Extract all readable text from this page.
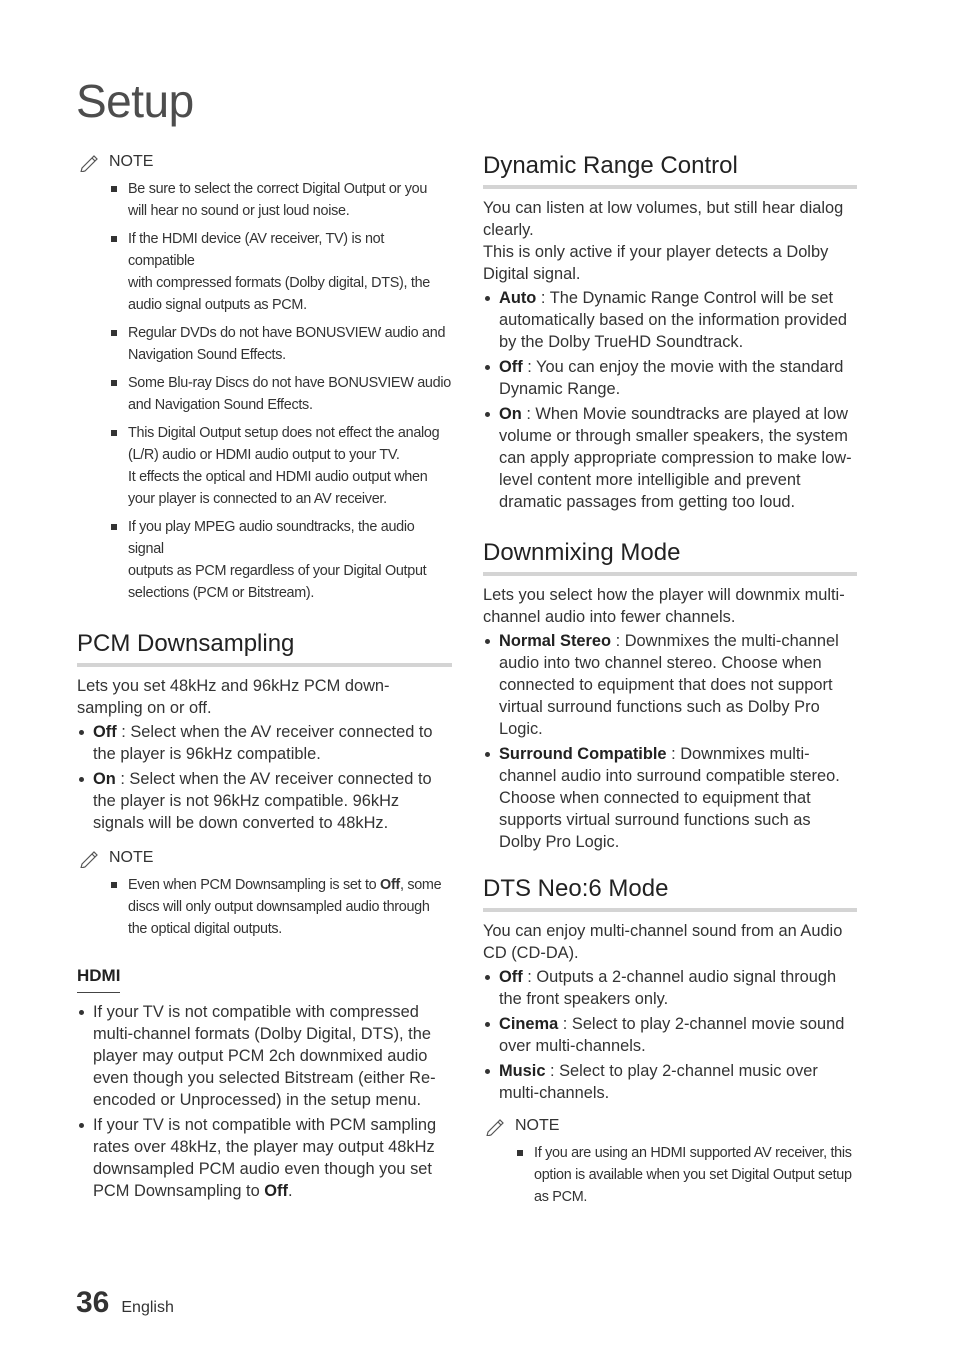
Setup
NOTE
Be sure to select the correct Digital Output or you
will hear no sound or just loud noise.
If the HDMI device (AV receiver, TV) is not compatible
with compressed formats (Dolby digital, DTS), the
audio signal outputs as PCM.
Regular DVDs do not have BONUSVIEW audio and
Navigation Sound Effects.
Some Blu-ray Discs do not have BONUSVIEW audio
and Navigation Sound Effects.
This Digital Output setup does not effect the analog
(L/R) audio or HDMI audio output to your TV.
It effects the optical and HDMI audio output when
your player is connected to an AV receiver.
If you play MPEG audio soundtracks, the audio signal
outputs as PCM regardless of your Digital Output
selections (PCM or Bitstream).
PCM Downsampling

Lets you set 48kHz and 96kHz PCM down-
sampling on or off.

Off : Select when the AV receiver connected to the player is 96kHz compatible.
On : Select when the AV receiver connected to the player is not 96kHz compatible. 96kHz signals will be down converted to 48kHz.
NOTE
Even when PCM Downsampling is set to Off, some discs will only output downsampled audio through the optical digital outputs.
HDMI
If your TV is not compatible with compressed multi-channel formats (Dolby Digital, DTS), the player may output PCM 2ch downmixed audio even though you selected Bitstream (either Re-encoded or Unprocessed) in the setup menu.
If your TV is not compatible with PCM sampling rates over 48kHz, the player may output 48kHz downsampled PCM audio even though you set PCM Downsampling to Off.
Dynamic Range Control

You can listen at low volumes, but still hear dialog
clearly.
This is only active if your player detects a Dolby
Digital signal.

Auto : The Dynamic Range Control will be set automatically based on the information provided by the Dolby TrueHD Soundtrack.
Off : You can enjoy the movie with the standard Dynamic Range.
On : When Movie soundtracks are played at low volume or through smaller speakers, the system can apply appropriate compression to make low-level content more intelligible and prevent dramatic passages from getting too loud.
Downmixing Mode

Lets you select how the player will downmix multi-
channel audio into fewer channels.

Normal Stereo : Downmixes the multi-channel audio into two channel stereo. Choose when connected to equipment that does not support virtual surround functions such as Dolby Pro Logic.
Surround Compatible : Downmixes multi-channel audio into surround compatible stereo. Choose when connected to equipment that supports virtual surround functions such as Dolby Pro Logic.
DTS Neo:6 Mode

You can enjoy multi-channel sound from an Audio
CD (CD-DA).

Off : Outputs a 2-channel audio signal through the front speakers only.
Cinema : Select to play 2-channel movie sound over multi-channels.
Music : Select to play 2-channel music over multi-channels.
NOTE
If you are using an HDMI supported AV receiver, this
option is available when you set Digital Output setup
as PCM.
36 English
